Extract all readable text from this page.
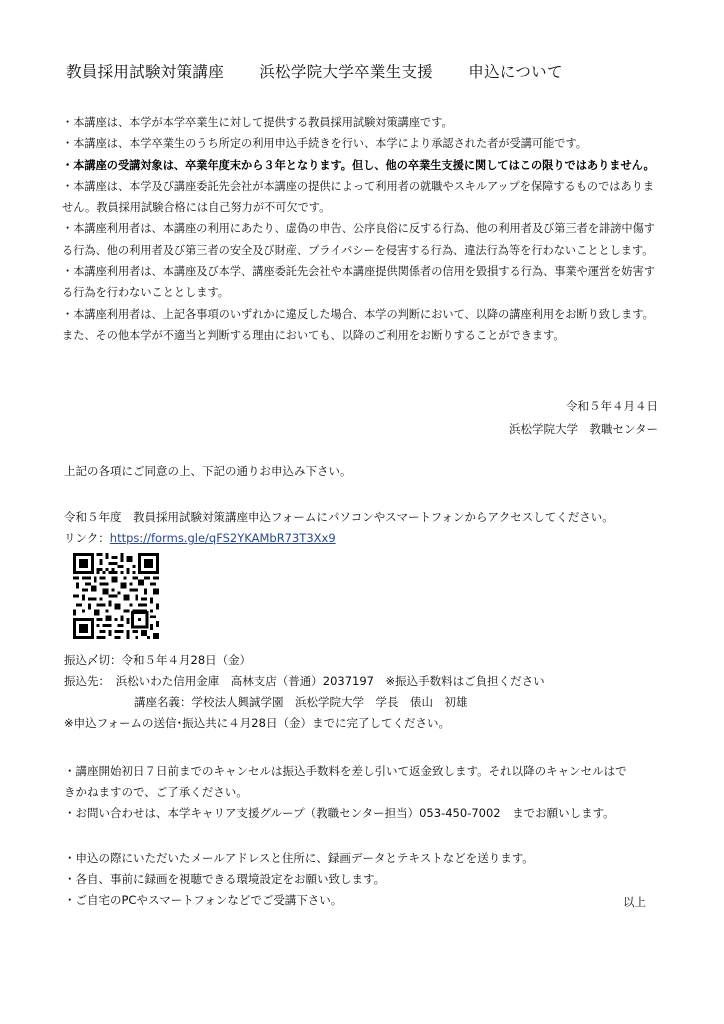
教員採用試験対策講座 浜松学院大学卒業生支援 申込について

・本講座は、本学が本学卒業生に対して提供する教員採用試験対策講座です。

・本講座は、本学卒業生のうち所定の利用申込手続きを行い、本学により承認された者が受講可能です。

・本講座の受講対象は、卒業年度末から３年となります。但し、他の卒業生支援に関してはこの限りではありません。

・本講座は、本学及び講座委託先会社が本講座の提供によって利用者の就職やスキルアップを保障するものではありません。教員採用試験合格には自己努力が不可欠です。

・本講座利用者は、本講座の利用にあたり、虚偽の申告、公序良俗に反する行為、他の利用者及び第三者を誹謗中傷する行為、他の利用者及び第三者の安全及び財産、プライバシーを侵害する行為、違法行為等を行わないこととします。

・本講座利用者は、本講座及び本学、講座委託先会社や本講座提供関係者の信用を毀損する行為、事業や運営を妨害する行為を行わないこととします。

・本講座利用者は、上記各事項のいずれかに違反した場合、本学の判断において、以降の講座利用をお断り致します。また、その他本学が不適当と判断する理由においても、以降のご利用をお断りすることができます。

令和５年４月４日
浜松学院大学　教職センター
上記の各項にご同意の上、下記の通りお申込み下さい。
令和５年度　教員採用試験対策講座申込フォームにパソコンやスマートフォンからアクセスしてください。
リンク：https://forms.gle/qFS2YKAMbR73T3Xx9
振込〆切：令和５年４月28日（金）
振込先：　浜松いわた信用金庫　高林支店（普通）2037197　※振込手数料はご負担ください
講座名義：学校法人興誠学園　浜松学院大学　学長　俵山　初雄
※申込フォームの送信･振込共に４月28日（金）までに完了してください。
・講座開始初日７日前までのキャンセルは振込手数料を差し引いて返金致します。それ以降のキャンセルはで
きかねますので、ご了承ください。
・お問い合わせは、本学キャリア支援グループ（教職センター担当）053-450-7002　までお願いします。
・申込の際にいただいたメールアドレスと住所に、録画データとテキストなどを送ります。
・各自、事前に録画を視聴できる環境設定をお願い致します。
・ご自宅のPCやスマートフォンなどでご受講下さい。	以上
